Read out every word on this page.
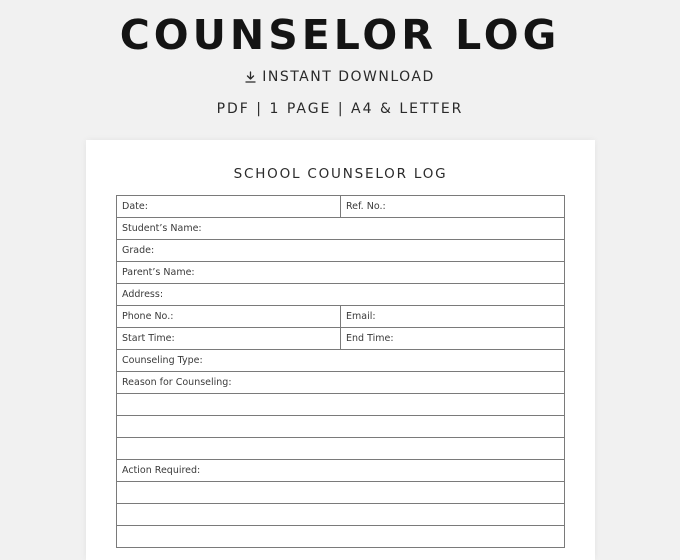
COUNSELOR LOG
INSTANT DOWNLOAD
PDF | 1 PAGE | A4 & LETTER
SCHOOL COUNSELOR LOG
Date:	Ref. No.:
Student’s Name:	
Grade:	
Parent’s Name:	
Address:	
Phone No.:	Email:
Start Time:	End Time:
Counseling Type:	
Reason for Counseling:	

Action Required:	
